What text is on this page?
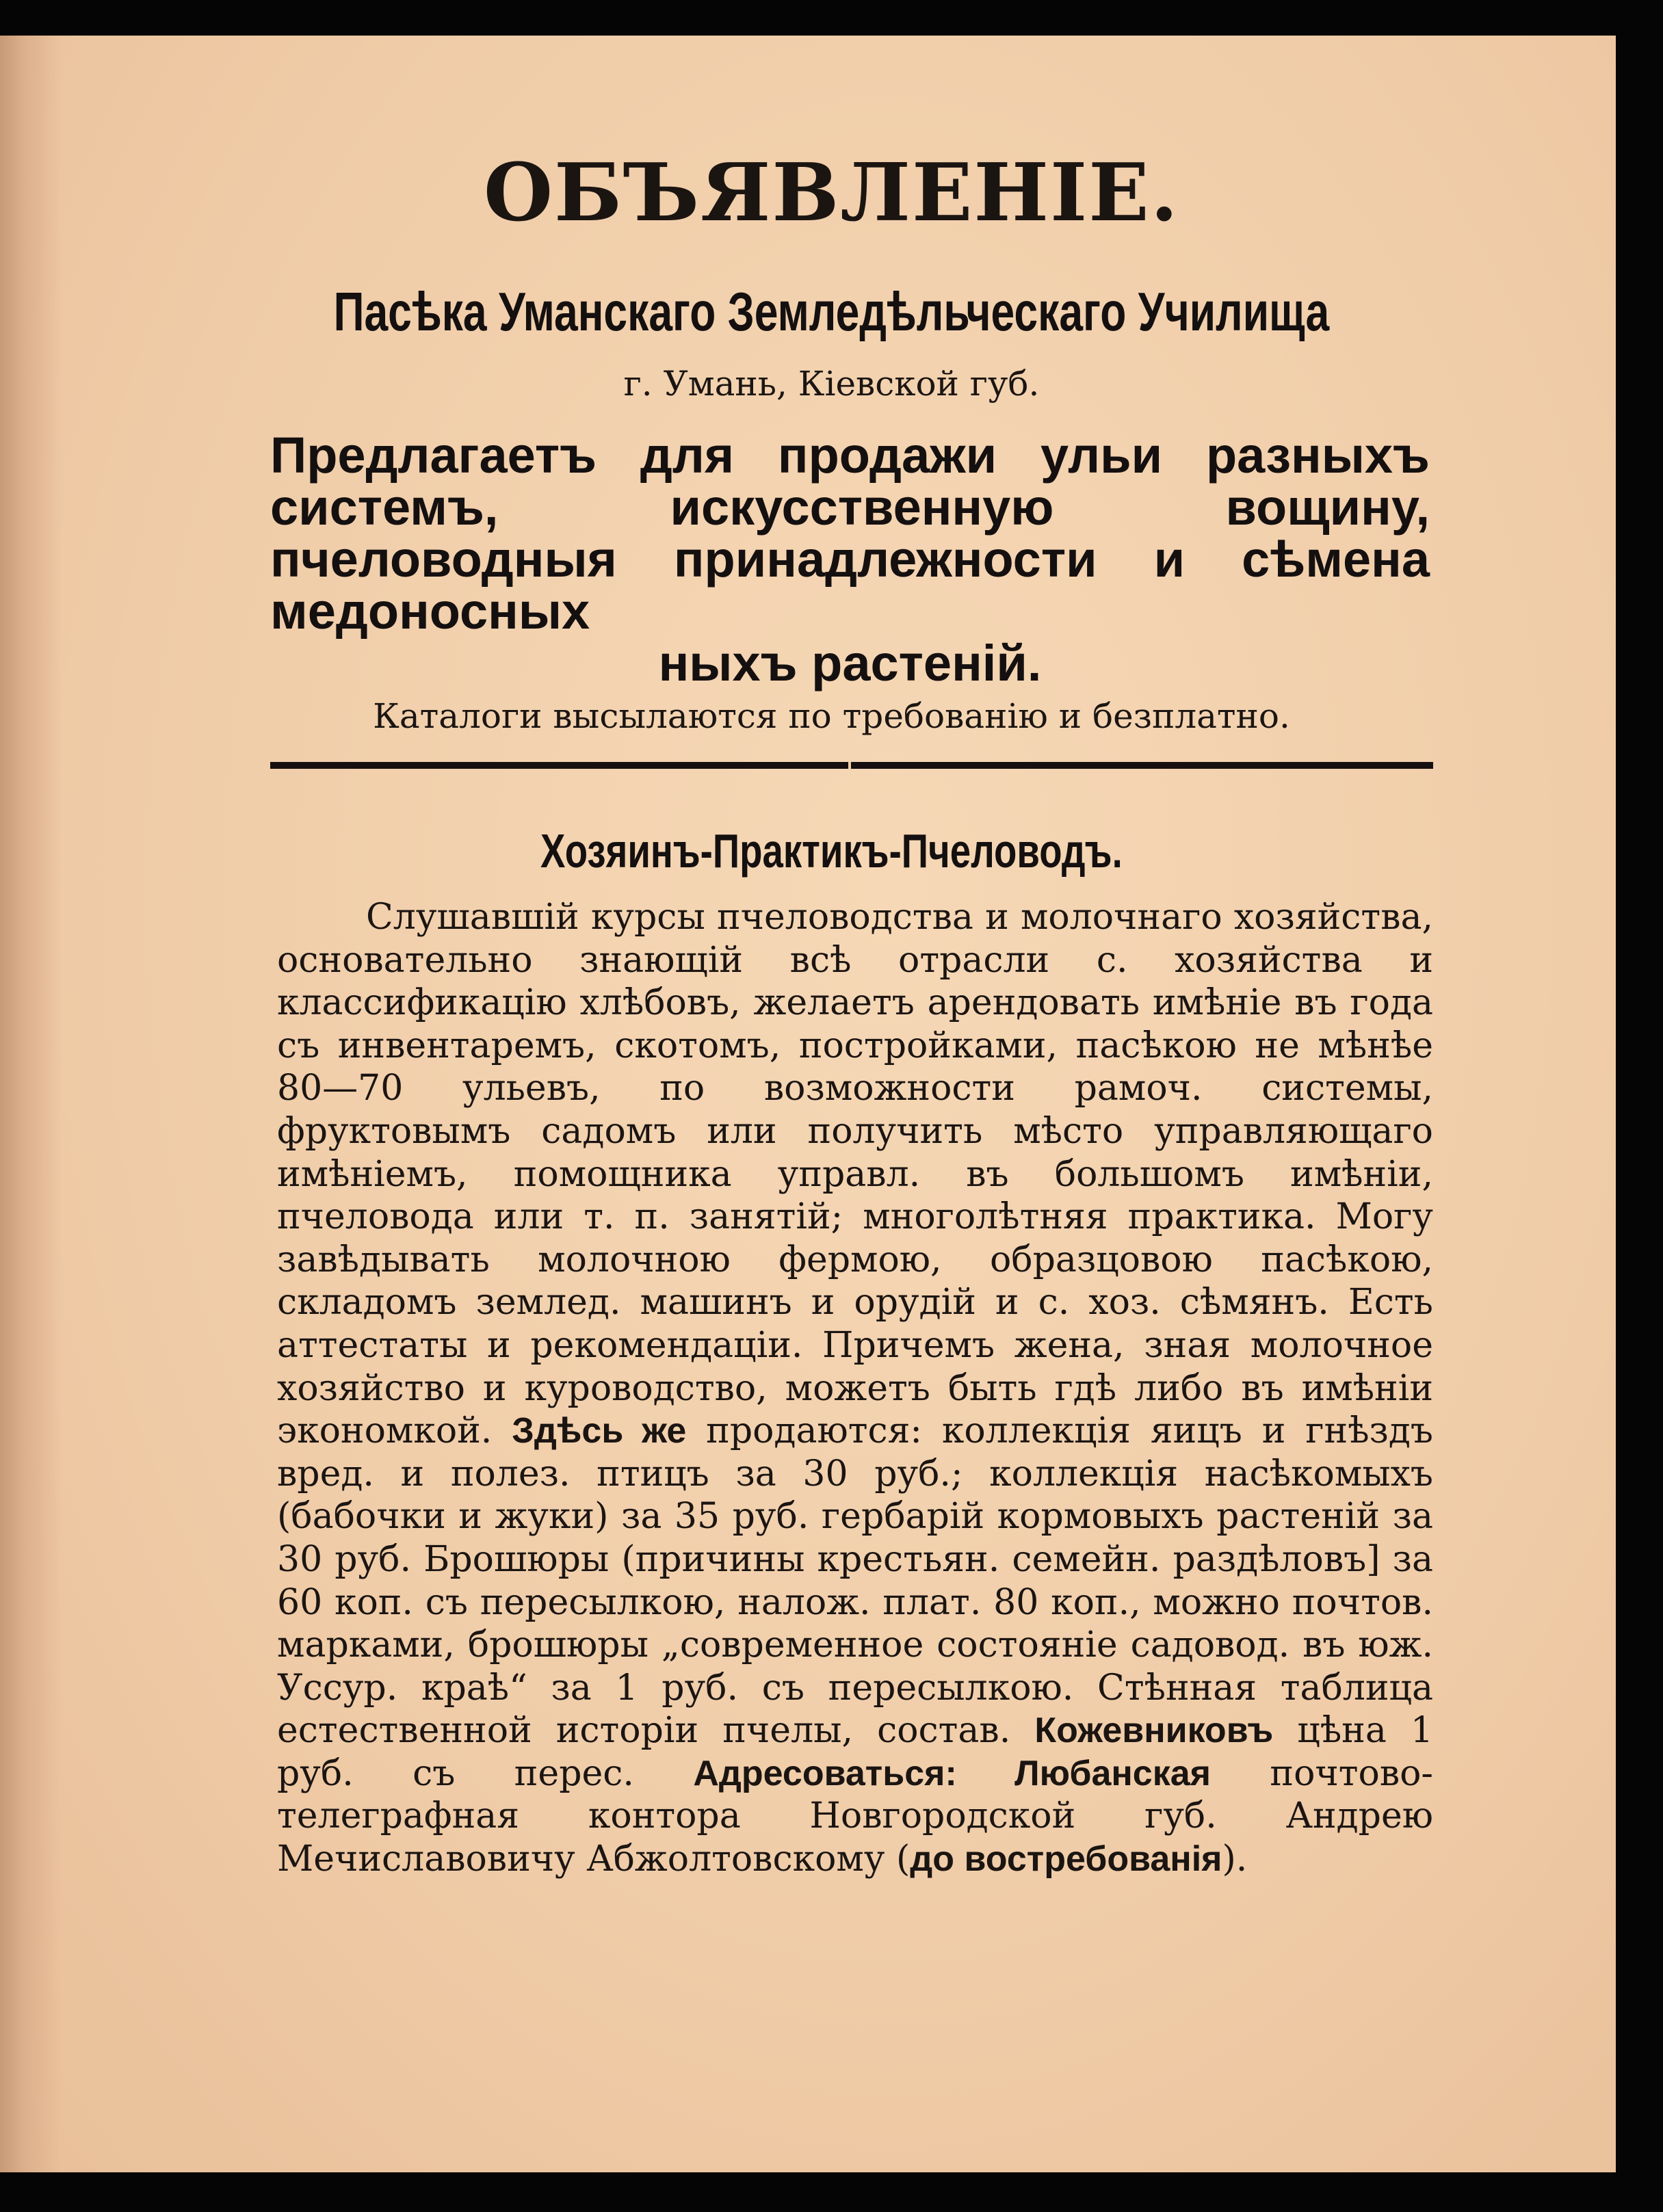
ОБЪЯВЛЕНІЕ.
Пасѣка Уманскаго Земледѣльческаго Училища
г. Умань, Кіевской губ.
Предлагаетъ для продажи ульи разныхъ системъ, искусственную вощину, пчеловодныя принадлежности и сѣмена медоносных
ныхъ растеній.
Каталоги высылаются по требованію и безплатно.
Хозяинъ-Практикъ-Пчеловодъ.
Слушавшій курсы пчеловодства и молочнаго хозяйства, основательно знающій всѣ отрасли с. хозяйства и классификацію хлѣбовъ, желаетъ арендовать имѣніе въ года съ инвентаремъ, скотомъ, постройками, пасѣкою не мѣнѣе 80—70 ульевъ, по возможности рамоч. системы, фруктовымъ садомъ или получить мѣсто управляющаго имѣніемъ, помощника управл. въ большомъ имѣніи, пчеловода или т. п. занятій; многолѣтняя практика. Могу завѣдывать молочною фермою, образцовою пасѣкою, складомъ землед. машинъ и орудій и с. хоз. сѣмянъ. Есть аттестаты и рекомендаціи. Причемъ жена, зная молочное хозяйство и куроводство, можетъ быть гдѣ либо въ имѣніи экономкой. Здѣсь же продаются: коллекція яицъ и гнѣздъ вред. и полез. птицъ за 30 руб.; коллекція насѣкомыхъ (бабочки и жуки) за 35 руб. гербарій кормовыхъ растеній за 30 руб. Брошюры (причины крестьян. семейн. раздѣловъ] за 60 коп. съ пересылкою, налож. плат. 80 коп., можно почтов. марками, брошюры „современное состояніе садовод. въ юж. Уссур. краѣ“ за 1 руб. съ пересылкою. Стѣнная таблица естественной исторіи пчелы, состав. Кожевниковъ цѣна 1 руб. съ перес. Адресоваться: Любанская почтово-телеграфная контора Новгородской губ. Андрею Мечиславовичу Абжолтовскому (до востребованія).
